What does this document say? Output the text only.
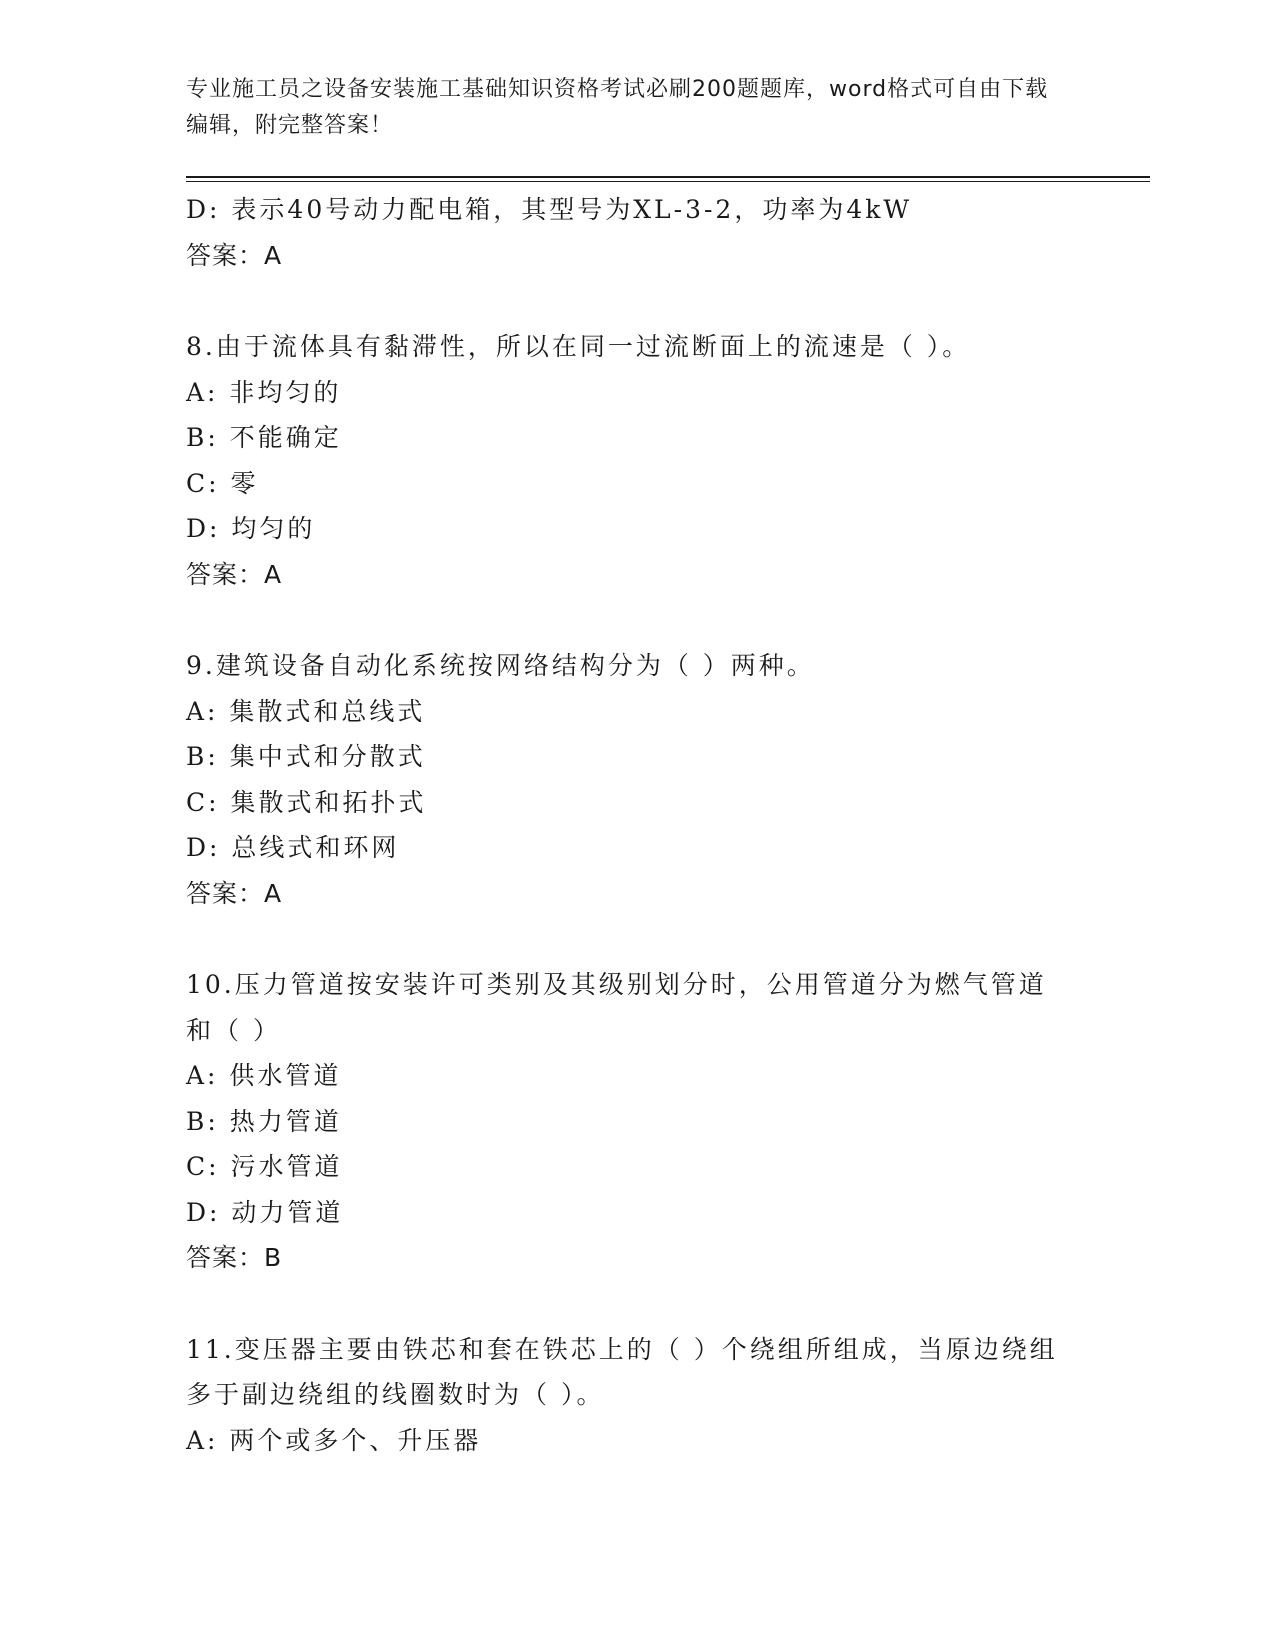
专业施工员之设备安装施工基础知识资格考试必刷200题题库，word格式可自由下载编辑，附完整答案！
D: 表示40号动力配电箱，其型号为XL-3-2，功率为4kW
答案：A
8.由于流体具有黏滞性，所以在同一过流断面上的流速是（ ）。
A: 非均匀的
B: 不能确定
C: 零
D: 均匀的
答案：A
9.建筑设备自动化系统按网络结构分为（ ）两种。
A: 集散式和总线式
B: 集中式和分散式
C: 集散式和拓扑式
D: 总线式和环网
答案：A
10.压力管道按安装许可类别及其级别划分时，公用管道分为燃气管道和（ ）
A: 供水管道
B: 热力管道
C: 污水管道
D: 动力管道
答案：B
11.变压器主要由铁芯和套在铁芯上的（ ）个绕组所组成，当原边绕组多于副边绕组的线圈数时为（ ）。
A: 两个或多个、升压器
